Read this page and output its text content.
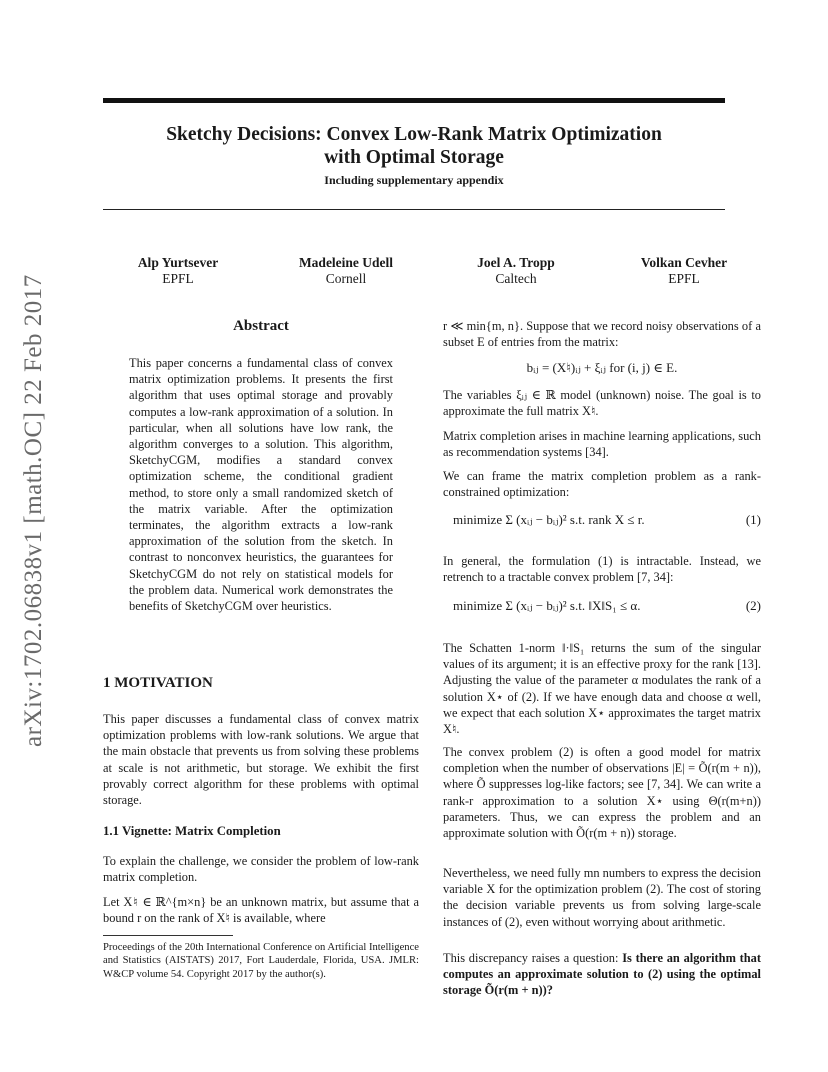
arXiv:1702.06838v1 [math.OC] 22 Feb 2017
Sketchy Decisions: Convex Low-Rank Matrix Optimization
with Optimal Storage
Including supplementary appendix
Alp Yurtsever
EPFL
Madeleine Udell
Cornell
Joel A. Tropp
Caltech
Volkan Cevher
EPFL
Abstract
This paper concerns a fundamental class of convex matrix optimization problems. It presents the first algorithm that uses optimal storage and provably computes a low-rank approximation of a solution. In particular, when all solutions have low rank, the algorithm converges to a solution. This algorithm, SketchyCGM, modifies a standard convex optimization scheme, the conditional gradient method, to store only a small randomized sketch of the matrix variable. After the optimization terminates, the algorithm extracts a low-rank approximation of the solution from the sketch. In contrast to nonconvex heuristics, the guarantees for SketchyCGM do not rely on statistical models for the problem data. Numerical work demonstrates the benefits of SketchyCGM over heuristics.
1 MOTIVATION
This paper discusses a fundamental class of convex matrix optimization problems with low-rank solutions. We argue that the main obstacle that prevents us from solving these problems at scale is not arithmetic, but storage. We exhibit the first provably correct algorithm for these problems with optimal storage.
1.1 Vignette: Matrix Completion
To explain the challenge, we consider the problem of low-rank matrix completion.
Let X♮ ∈ ℝ^{m×n} be an unknown matrix, but assume that a bound r on the rank of X♮ is available, where
Proceedings of the 20th International Conference on Artificial Intelligence and Statistics (AISTATS) 2017, Fort Lauderdale, Florida, USA. JMLR: W&CP volume 54. Copyright 2017 by the author(s).
r ≪ min{m, n}. Suppose that we record noisy observations of a subset E of entries from the matrix:
bᵢⱼ = (X♮)ᵢⱼ + ξᵢⱼ for (i, j) ∈ E.
The variables ξᵢⱼ ∈ ℝ model (unknown) noise. The goal is to approximate the full matrix X♮.
Matrix completion arises in machine learning applications, such as recommendation systems [34].
We can frame the matrix completion problem as a rank-constrained optimization:
minimize Σ (xᵢⱼ − bᵢⱼ)² s.t. rank X ≤ r.	(1)
In general, the formulation (1) is intractable. Instead, we retrench to a tractable convex problem [7, 34]:
minimize Σ (xᵢⱼ − bᵢⱼ)² s.t. ‖X‖S₁ ≤ α.	(2)
The Schatten 1-norm ‖·‖S₁ returns the sum of the singular values of its argument; it is an effective proxy for the rank [13]. Adjusting the value of the parameter α modulates the rank of a solution X⋆ of (2). If we have enough data and choose α well, we expect that each solution X⋆ approximates the target matrix X♮.
The convex problem (2) is often a good model for matrix completion when the number of observations |E| = Õ(r(m + n)), where Õ suppresses log-like factors; see [7, 34]. We can write a rank-r approximation to a solution X⋆ using Θ(r(m+n)) parameters. Thus, we can express the problem and an approximate solution with Õ(r(m + n)) storage.
Nevertheless, we need fully mn numbers to express the decision variable X for the optimization problem (2). The cost of storing the decision variable prevents us from solving large-scale instances of (2), even without worrying about arithmetic.
This discrepancy raises a question: Is there an algorithm that computes an approximate solution to (2) using the optimal storage Õ(r(m + n))?
